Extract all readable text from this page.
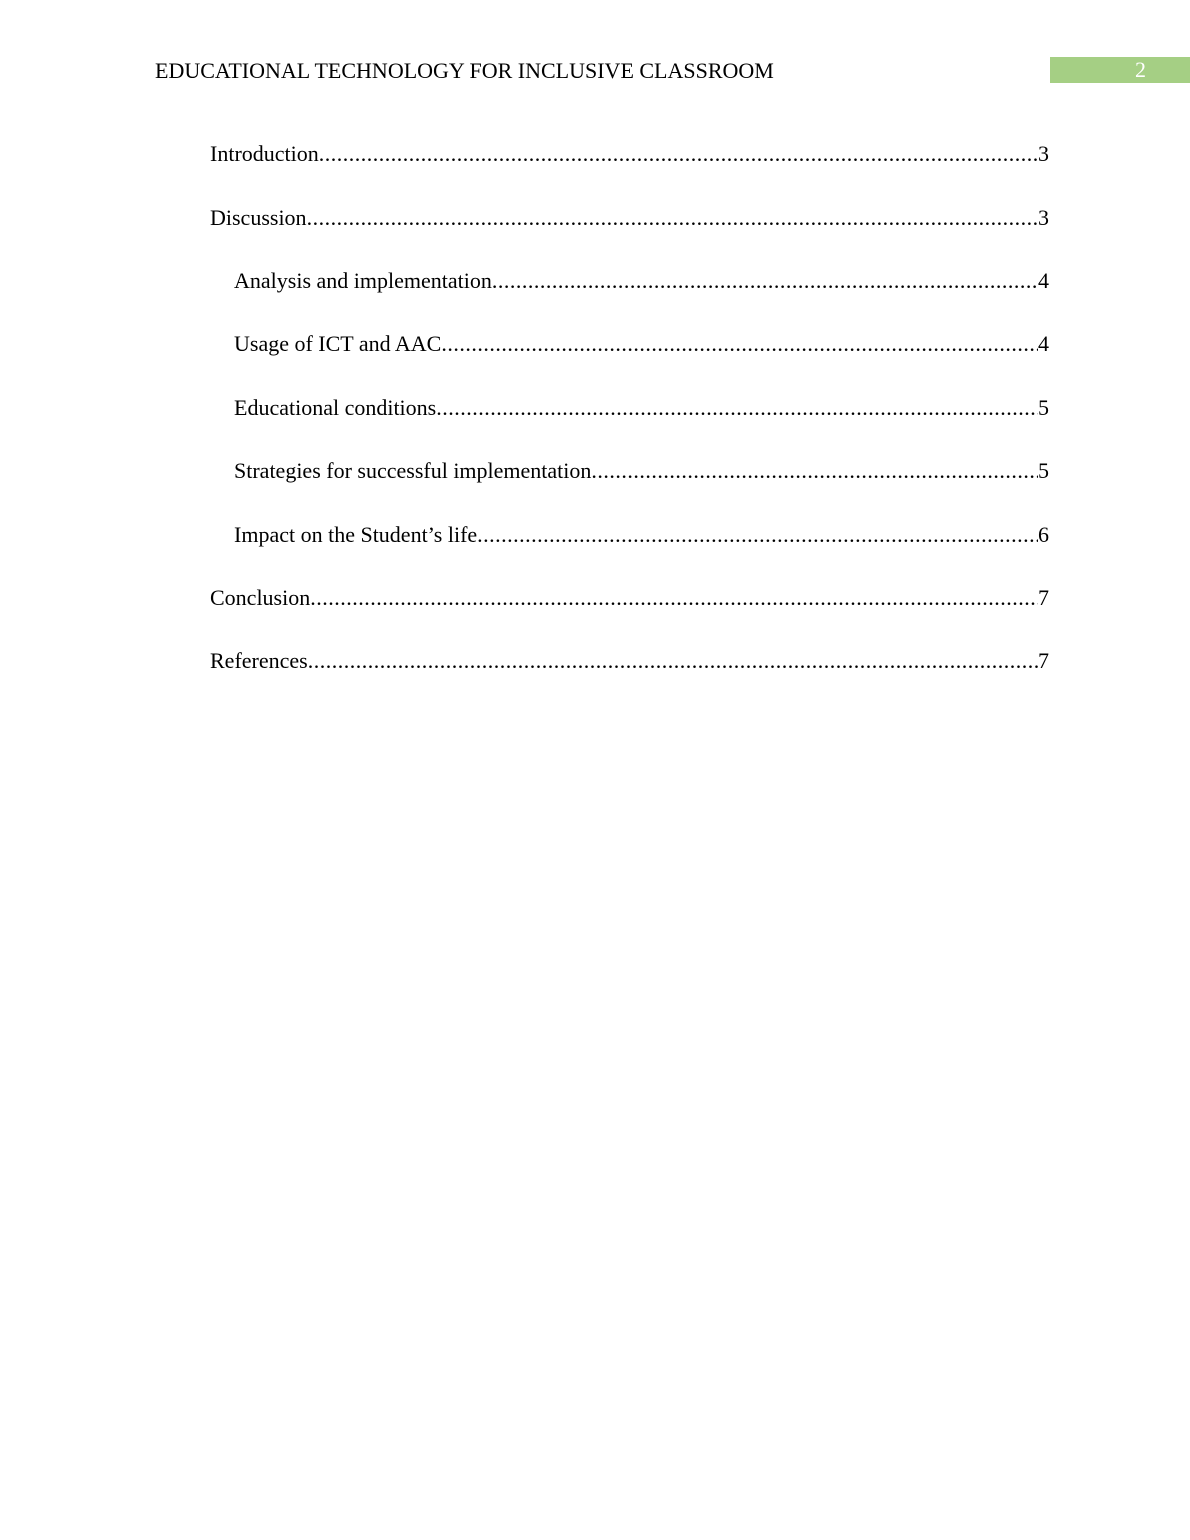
EDUCATIONAL TECHNOLOGY FOR INCLUSIVE CLASSROOM	2
Introduction .....	3
Discussion .....	3
Analysis and implementation .....	4
Usage of ICT and AAC .....	4
Educational conditions .....	5
Strategies for successful implementation .....	5
Impact on the Student’s life .....	6
Conclusion .....	7
References .....	7
